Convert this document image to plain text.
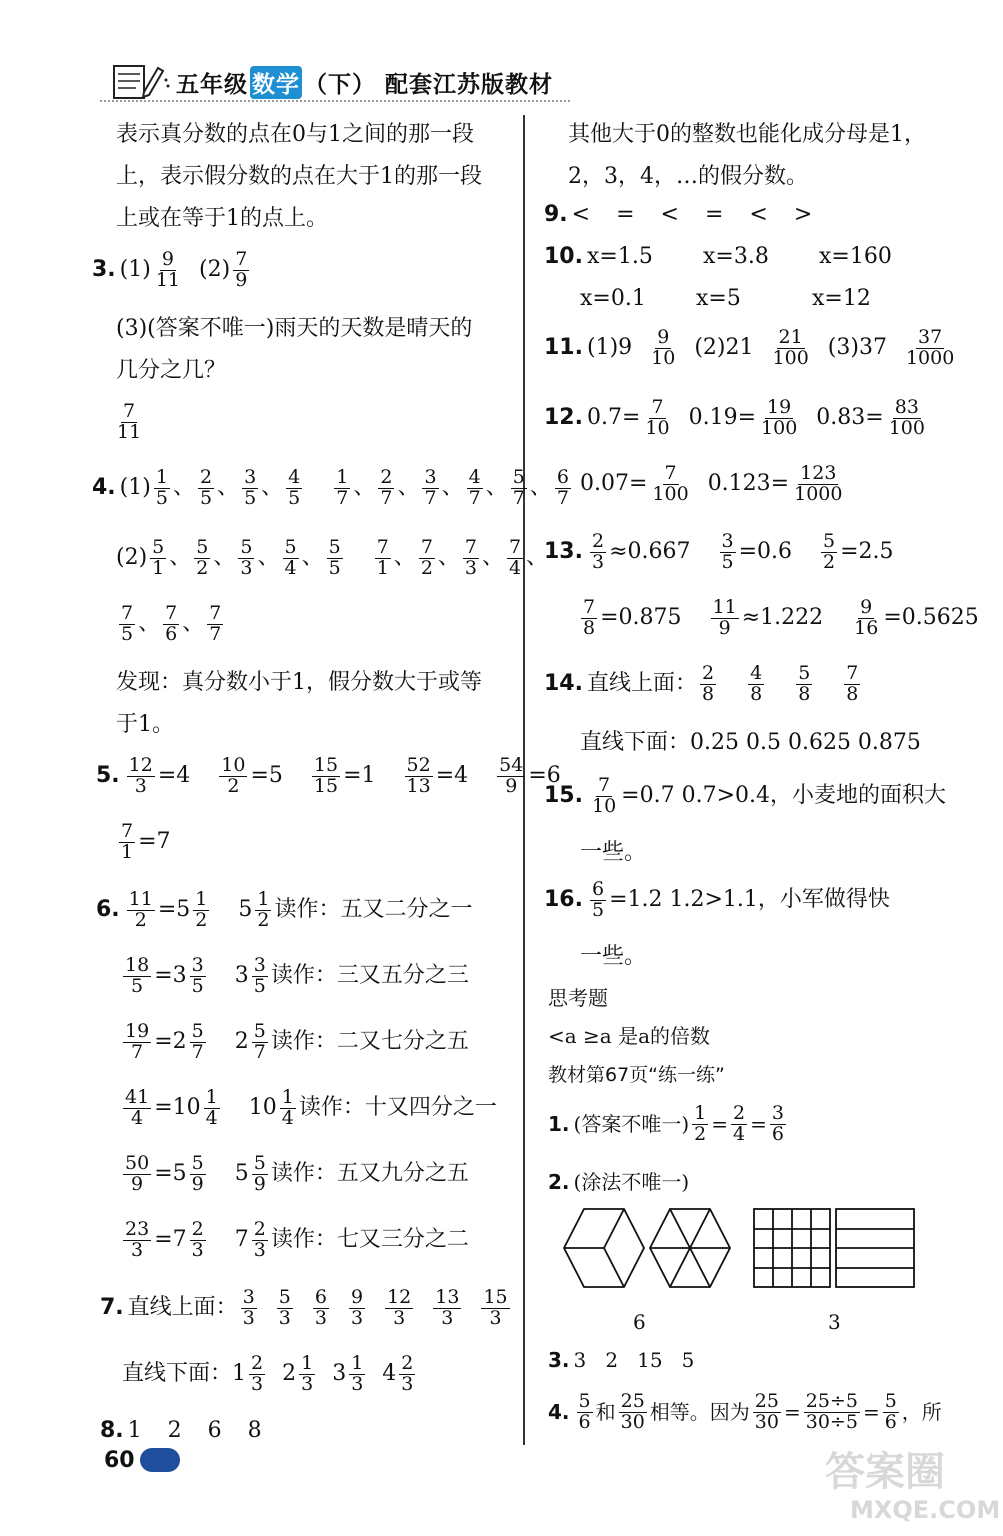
五年级 数学 （下） 配套江苏版教材
表示真分数的点在0与1之间的那一段
上，表示假分数的点在大于1的那一段
上或在等于1的点上。
3. $(1) \frac{9}{11} (2) \frac{7}{9}$
(3)(答案不唯一)雨天的天数是晴天的
几分之几？
$\frac{7}{11}$
4. $(1) \frac{1}{5}$ 、 $\frac{2}{5}$ 、 $\frac{3}{5}$ 、 $\frac{4}{5} \frac{1}{7}$ 、 $\frac{2}{7}$ 、 $\frac{3}{7}$ 、 $\frac{4}{7}$ 、 $\frac{5}{7}$ 、 $\frac{6}{7}$
$(2) \frac{5}{1}$ 、 $\frac{5}{2}$ 、 $\frac{5}{3}$ 、 $\frac{5}{4}$ 、 $\frac{5}{5} \frac{7}{1}$ 、 $\frac{7}{2}$ 、 $\frac{7}{3}$ 、 $\frac{7}{4}$ 、
$\frac{7}{5}$ 、 $\frac{7}{6}$ 、 $\frac{7}{7}$
发现：真分数小于1，假分数大于或等
于1。
5. $\frac{12}{3} =4 \frac{10}{2} =5 \frac{15}{15} =1 \frac{52}{13} =4 \frac{54}{9} =6$
$\frac{7}{1} =7$
6. $\frac{11}{2} = 5 \frac{1}{2} 5 \frac{1}{2}$ 读作：五又二分之一
$\frac{18}{5} = 3 \frac{3}{5} 3 \frac{3}{5}$ 读作：三又五分之三
$\frac{19}{7} = 2 \frac{5}{7} 2 \frac{5}{7}$ 读作：二又七分之五
$\frac{41}{4} = 10 \frac{1}{4} 10 \frac{1}{4}$ 读作：十又四分之一
$\frac{50}{9} = 5 \frac{5}{9} 5 \frac{5}{9}$ 读作：五又九分之五
$\frac{23}{3} = 7 \frac{2}{3} 7 \frac{2}{3}$ 读作：七又三分之二
7. 直线上面： $\frac{3}{3} \frac{5}{3} \frac{6}{3} \frac{9}{3} \frac{12}{3} \frac{13}{3} \frac{15}{3}$
直线下面： $1 \frac{2}{3} 2 \frac{1}{3} 3 \frac{1}{3} 4 \frac{2}{3}$
8. 1 2 6 8
其他大于0的整数也能化成分母是1，
2，3，4，…的假分数。
9. < = < = < >
10. x=1.5	x=3.8	x=160
x=0.1	x=5	x=12
11. $(1)9 \frac{9}{10} (2)21 \frac{21}{100} (3)37 \frac{37}{1000}$
12. $0.7= \frac{7}{10} 0.19= \frac{19}{100} 0.83= \frac{83}{100}$
$0.07= \frac{7}{100} 0.123= \frac{123}{1000}$
13. $\frac{2}{3} \approx 0.667 \frac{3}{5} =0.6 \frac{5}{2} =2.5$
$\frac{7}{8} =0.875 \frac{11}{9} \approx 1.222 \frac{9}{16} =0.5625$
14. 直线上面： $\frac{2}{8} \frac{4}{8} \frac{5}{8} \frac{7}{8}$
直线下面：0.25 0.5 0.625 0.875
15. $\frac{7}{10} =0.7$ 0.7>0.4，小麦地的面积大
一些。
16. $\frac{6}{5} =1.2$ 1.2>1.1，小军做得快
一些。
思考题
<a ≥a 是a的倍数
教材第67页“练一练”
1. (答案不唯一) $\frac{1}{2} = \frac{2}{4} = \frac{3}{6}$
2. (涂法不唯一)
6	3
3. 3   2   15   5
4. $\frac{5}{6}$ 和 $\frac{25}{30}$ 相等。因为 $\frac{25}{30} = \frac{25\div 5}{30\div 5} = \frac{5}{6}$ ，所
60	答案圈
MXQE.COM
